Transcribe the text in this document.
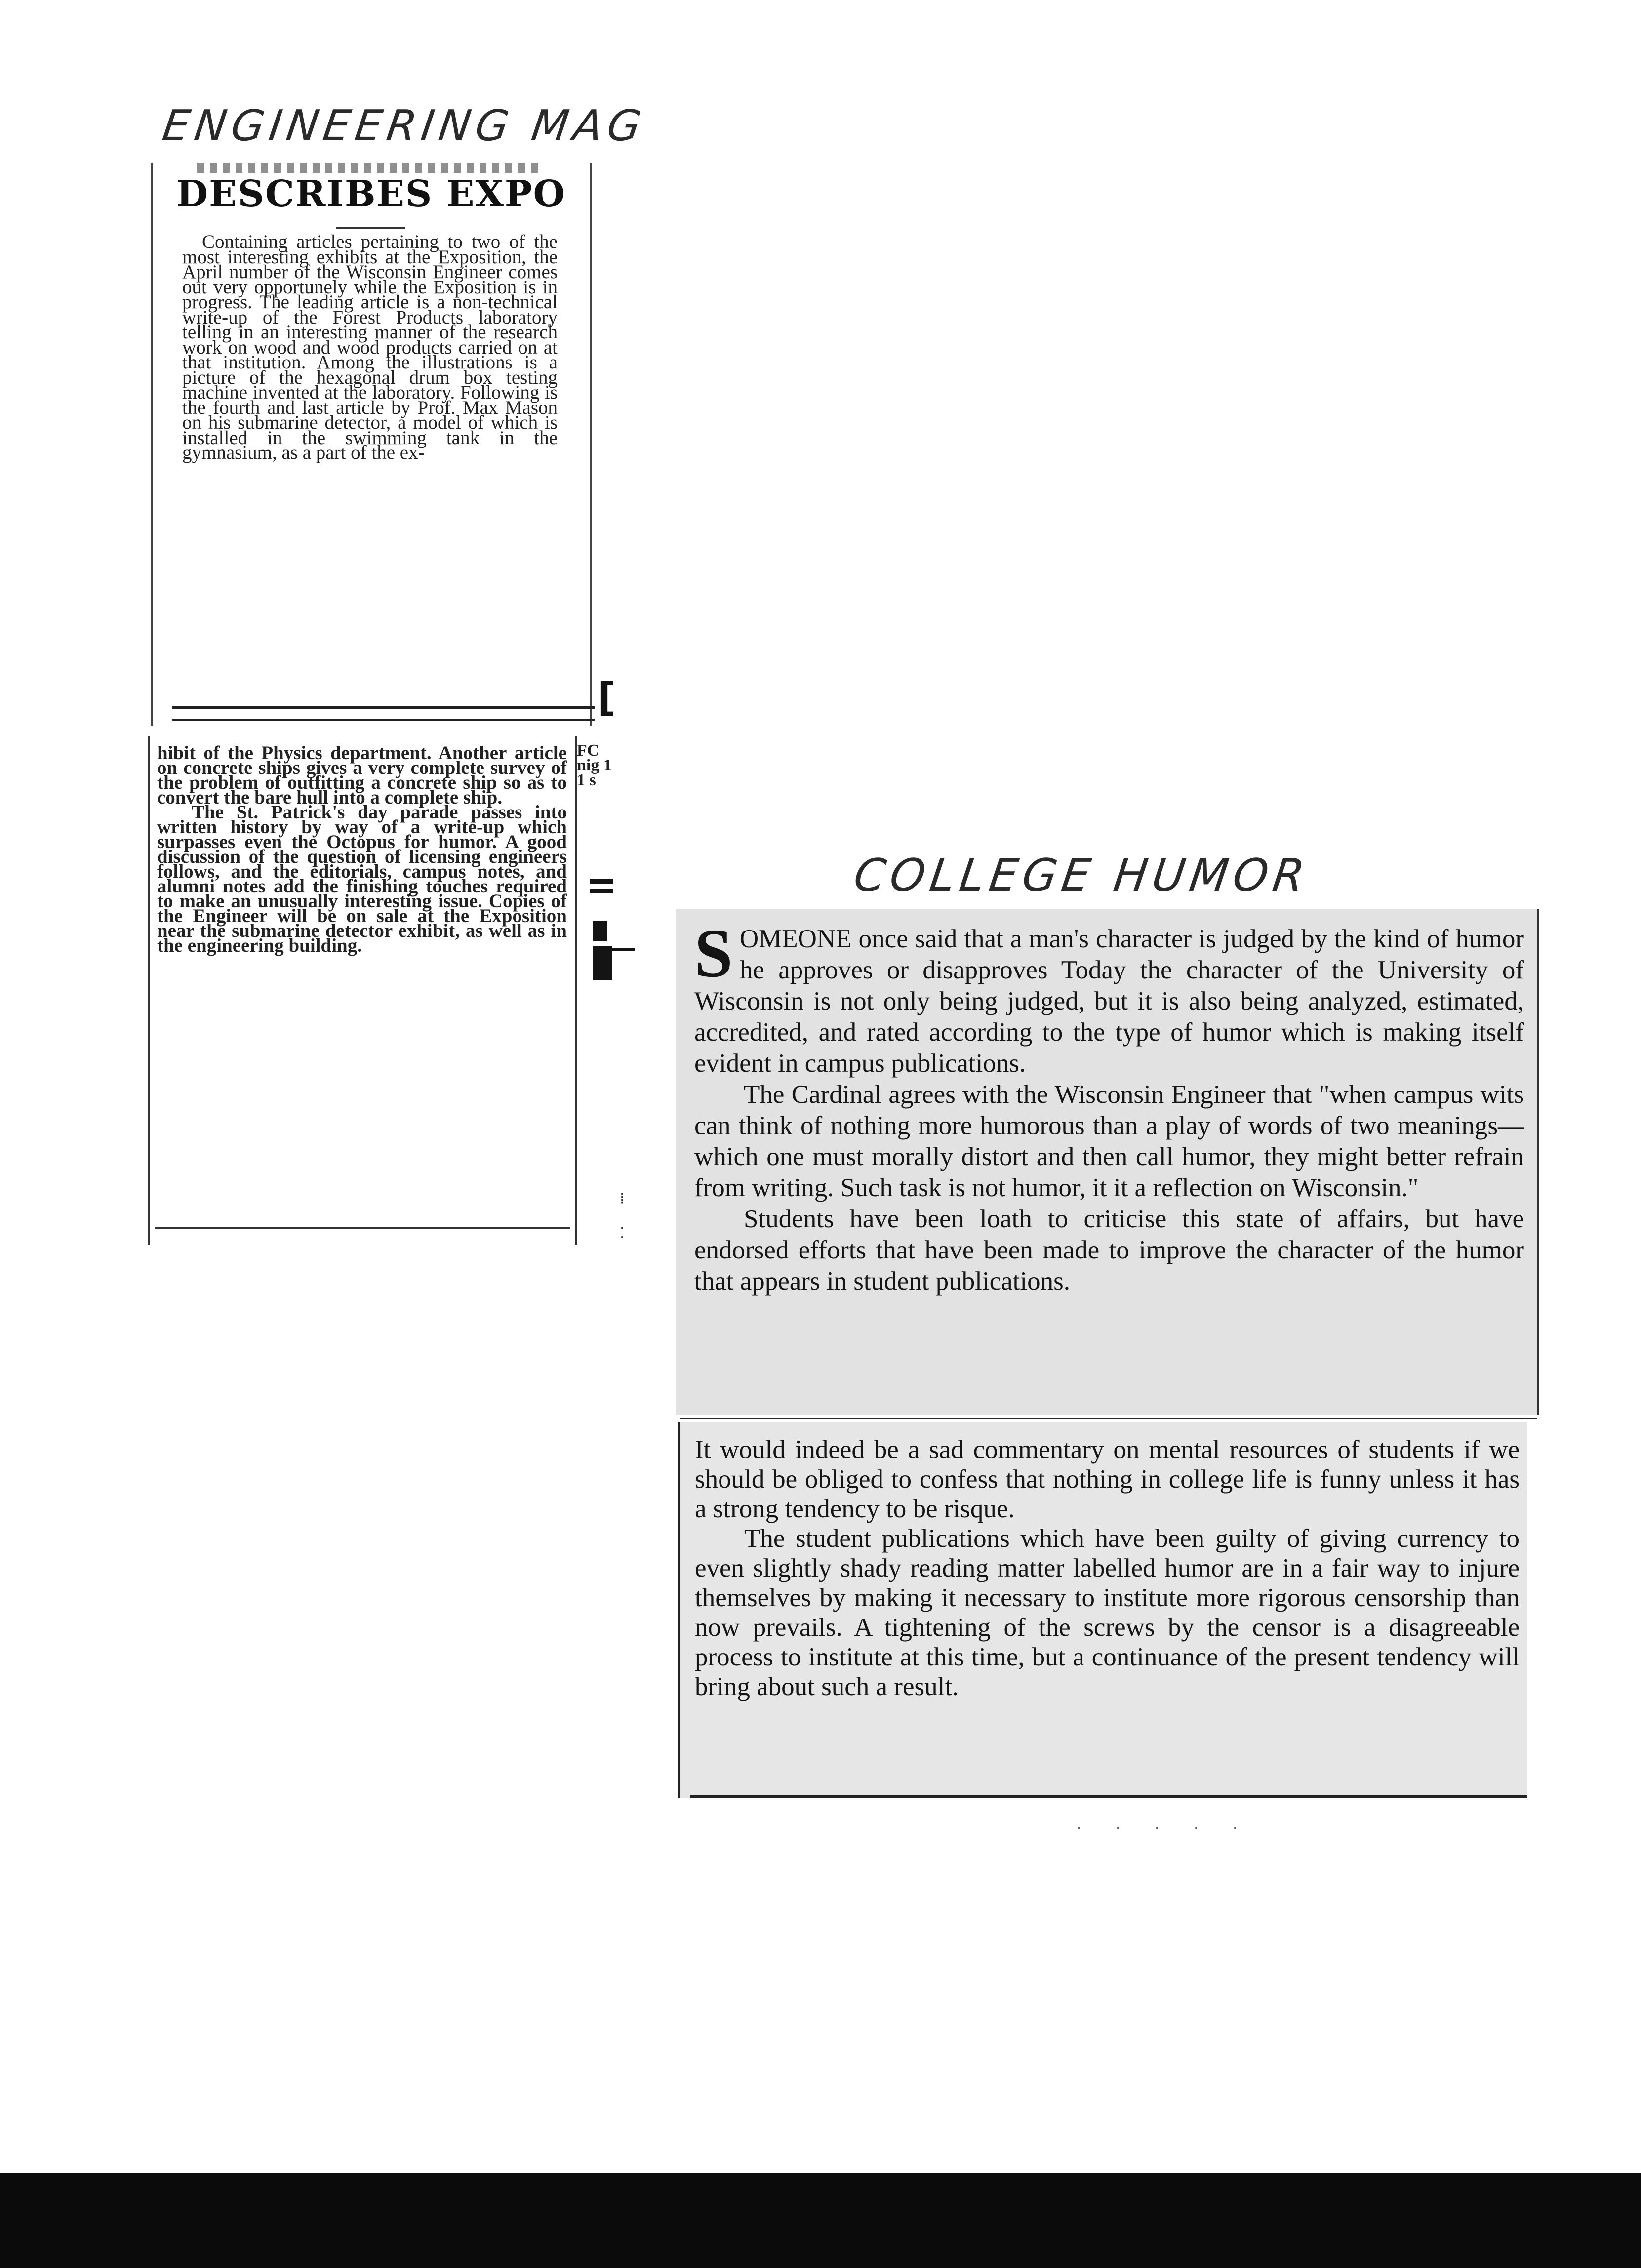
ENGINEERING MAG
DESCRIBES EXPO

Containing articles pertaining to two of the most interesting exhibits at the Exposition, the April number of the Wisconsin Engineer comes out very opportunely while the Exposition is in progress. The leading article is a non-technical write-up of the Forest Products laboratory telling in an interesting manner of the research work on wood and wood products carried on at that institution. Among the illustrations is a picture of the hexagonal drum box testing machine invented at the laboratory. Following is the fourth and last article by Prof. Max Mason on his submarine detector, a model of which is installed in the swimming tank in the gymnasium, as a part of the ex-

[

hibit of the Physics department. Another article on concrete ships gives a very complete survey of the problem of outfitting a concrete ship so as to convert the bare hull into a complete ship.

The St. Patrick's day parade passes into written history by way of a write-up which surpasses even the Octopus for humor. A good discussion of the question of licensing engineers follows, and the editorials, campus notes, and alumni notes add the finishing touches required to make an unusually interesting issue. Copies of the Engineer will be on sale at the Exposition near the submarine detector exhibit, as well as in the engineering building.

FC nig 1 1 s
⁞
⁚
COLLEGE HUMOR

SOMEONE once said that a man's character is judged by the kind of humor he approves or disapproves Today the character of the University of Wisconsin is not only being judged, but it is also being analyzed, estimated, accredited, and rated according to the type of humor which is making itself evident in campus publications.

The Cardinal agrees with the Wisconsin Engineer that "when campus wits can think of nothing more humorous than a play of words of two meanings—which one must morally distort and then call humor, they might better refrain from writing. Such task is not humor, it it a reflection on Wisconsin."

Students have been loath to criticise this state of affairs, but have endorsed efforts that have been made to improve the character of the humor that appears in student publications.

It would indeed be a sad commentary on mental resources of students if we should be obliged to confess that nothing in college life is funny unless it has a strong tendency to be risque.

The student publications which have been guilty of giving currency to even slightly shady reading matter labelled humor are in a fair way to injure themselves by making it necessary to institute more rigorous censorship than now prevails. A tightening of the screws by the censor is a disagreeable process to institute at this time, but a continuance of the present tendency will bring about such a result.

· · · · ·
